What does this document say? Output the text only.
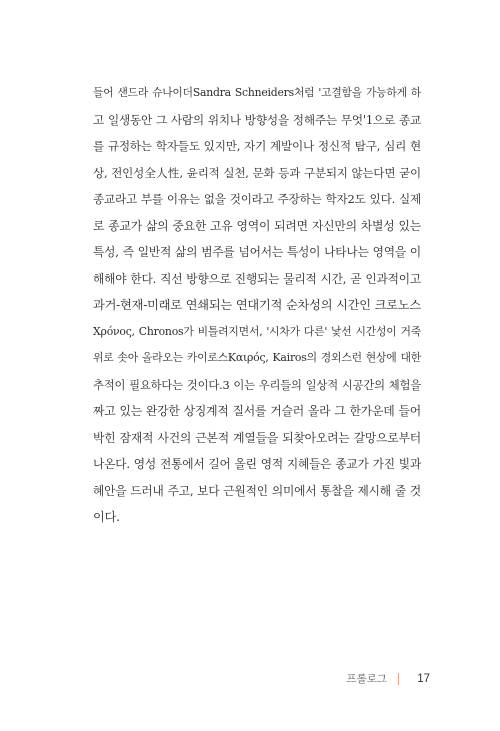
들어 샌드라 슈나이더Sandra Schneiders처럼 '고결함을 가능하게 하
고 일생동안 그 사람의 위치나 방향성을 정해주는 무엇'1으로 종교
를 규정하는 학자들도 있지만, 자기 계발이나 정신적 탐구, 심리 현
상, 전인성全人性, 윤리적 실천, 문화 등과 구분되지 않는다면 굳이
종교라고 부를 이유는 없을 것이라고 주장하는 학자2도 있다. 실제
로 종교가 삶의 중요한 고유 영역이 되려면 자신만의 차별성 있는
특성, 즉 일반적 삶의 범주를 넘어서는 특성이 나타나는 영역을 이
해해야 한다. 직선 방향으로 진행되는 물리적 시간, 곧 인과적이고
과거-현재-미래로 연쇄되는 연대기적 순차성의 시간인 크로노스
Χρόνος, Chronos가 비틀려지면서, '시차가 다른' 낯선 시간성이 거죽
위로 솟아 올라오는 카이로스Καιρός, Kairos의 경외스런 현상에 대한
추적이 필요하다는 것이다.3 이는 우리들의 일상적 시공간의 체험을
짜고 있는 완강한 상징계적 질서를 거슬러 올라 그 한가운데 들어
박힌 잠재적 사건의 근본적 계열들을 되찾아오려는 갈망으로부터
나온다. 영성 전통에서 길어 올린 영적 지혜들은 종교가 가진 빛과
혜안을 드러내 주고, 보다 근원적인 의미에서 통찰을 제시해 줄 것
이다.
프롤로그	17
